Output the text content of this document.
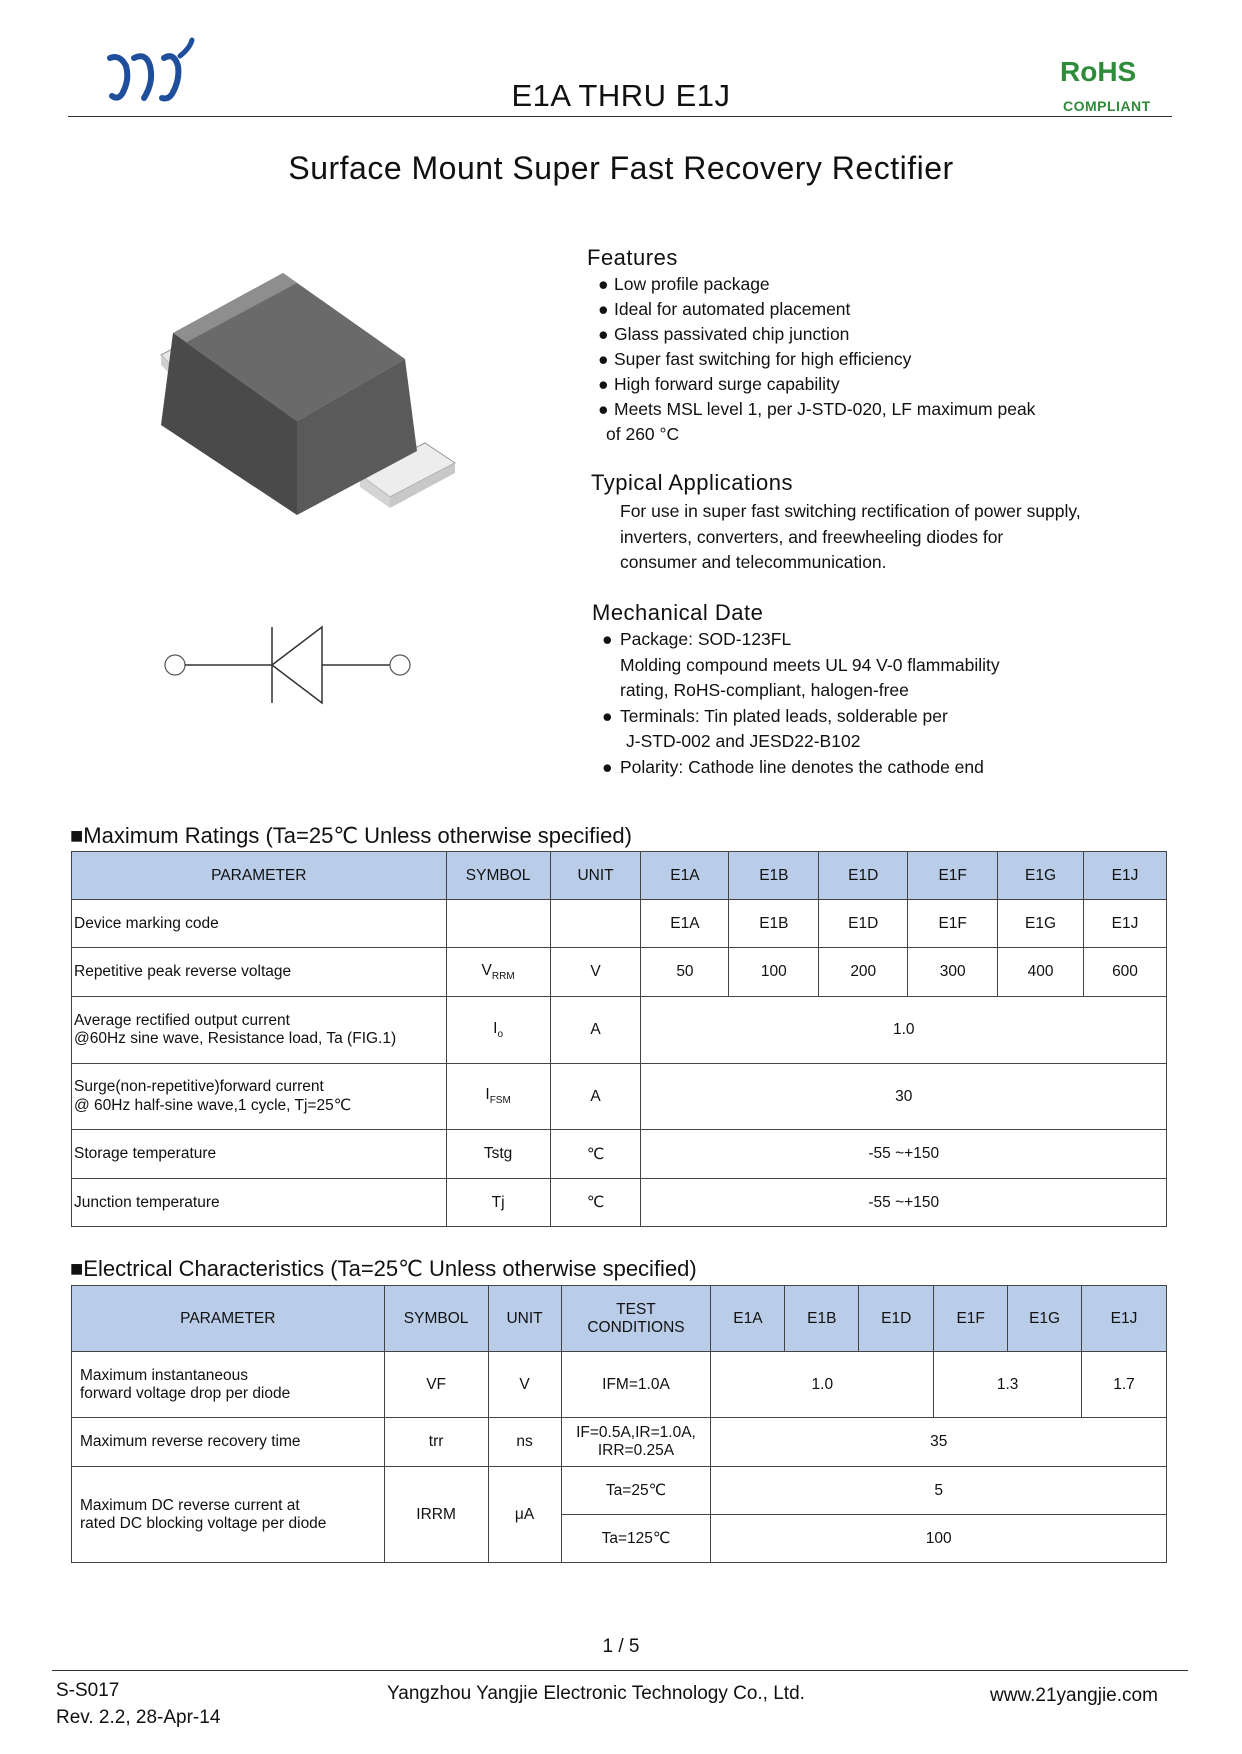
E1A THRU E1J
RoHS
COMPLIANT
Surface Mount Super Fast Recovery Rectifier
Features
● Low profile package
● Ideal for automated placement
● Glass passivated chip junction
● Super fast switching for high efficiency
● High forward surge capability
● Meets MSL level 1, per J-STD-020, LF maximum peak
of 260 °C
Typical Applications
For use in super fast switching rectification of power supply,
inverters, converters, and freewheeling diodes for
consumer and telecommunication.
Mechanical Date
● Package: SOD-123FL
Molding compound meets UL 94 V-0 flammability
rating, RoHS-compliant, halogen-free
● Terminals: Tin plated leads, solderable per
J-STD-002 and JESD22-B102
● Polarity: Cathode line denotes the cathode end
■Maximum Ratings (Ta=25℃ Unless otherwise specified)
PARAMETER	SYMBOL	UNIT	E1A	E1B	E1D	E1F	E1G	E1J
Device marking code			E1A	E1B	E1D	E1F	E1G	E1J
Repetitive peak reverse voltage	$V_{RRM}$	V	50	100	200	300	400	600

Average rectified output current
@60Hz sine wave, Resistance load, Ta (FIG.1)	$I_o$	A	1.0					

Surge(non-repetitive)forward current
@ 60Hz half-sine wave,1 cycle, Tj=25℃	$I_{FSM}$	A	30					
Storage temperature	Tstg	℃	-55 ~+150					
Junction temperature	Tj	℃	-55 ~+150					
■Electrical Characteristics (Ta=25℃ Unless otherwise specified)
PARAMETER	SYMBOL	UNIT	TEST
CONDITIONS	E1A	E1B	E1D	E1F	E1G	E1J

Maximum instantaneous
forward voltage drop per diode	VF	V	IFM=1.0A	1.0			1.3		1.7
Maximum reverse recovery time	trr	ns	IF=0.5A,IR=1.0A,
IRR=0.25A	35					

Maximum DC reverse current at
rated DC blocking voltage per diode	IRRM	μA	Ta=25℃	5					
			Ta=125℃	100					
1 / 5
S-S017
Rev. 2.2, 28-Apr-14
Yangzhou Yangjie Electronic Technology Co., Ltd.	www.21yangjie.com
